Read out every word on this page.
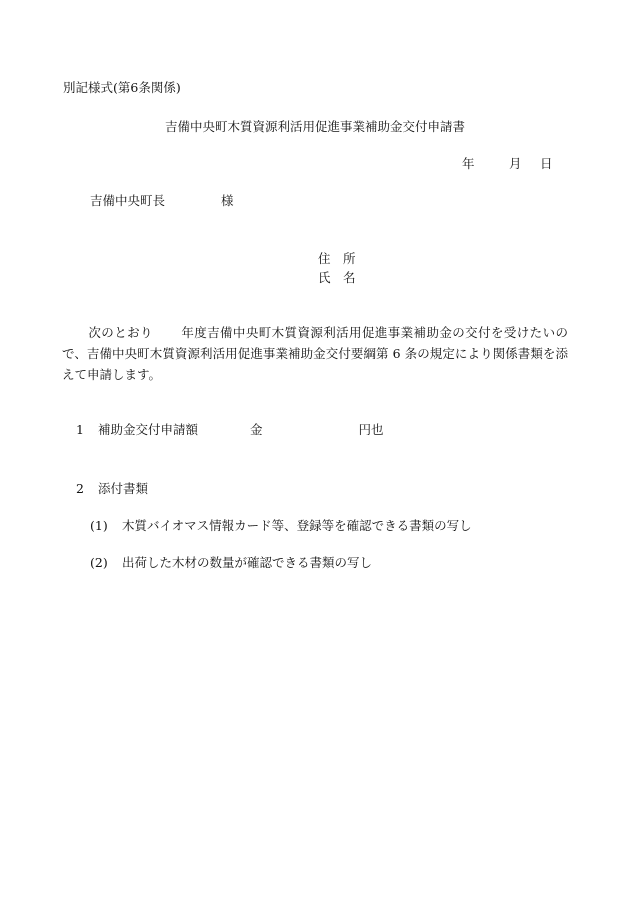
別記様式(第6条関係)
吉備中央町木質資源利活用促進事業補助金交付申請書
年	月 日
吉備中央町長	様
住　所
氏　名
次のとおり 年度吉備中央町木質資源利活用促進事業補助金の交付を受けたいので、吉備中央町木質資源利活用促進事業補助金交付要綱第 6 条の規定により関係書類を添えて申請します。
1 補助金交付申請額	金	円也
2 添付書類
(1) 木質バイオマス情報カード等、登録等を確認できる書類の写し
(2) 出荷した木材の数量が確認できる書類の写し
